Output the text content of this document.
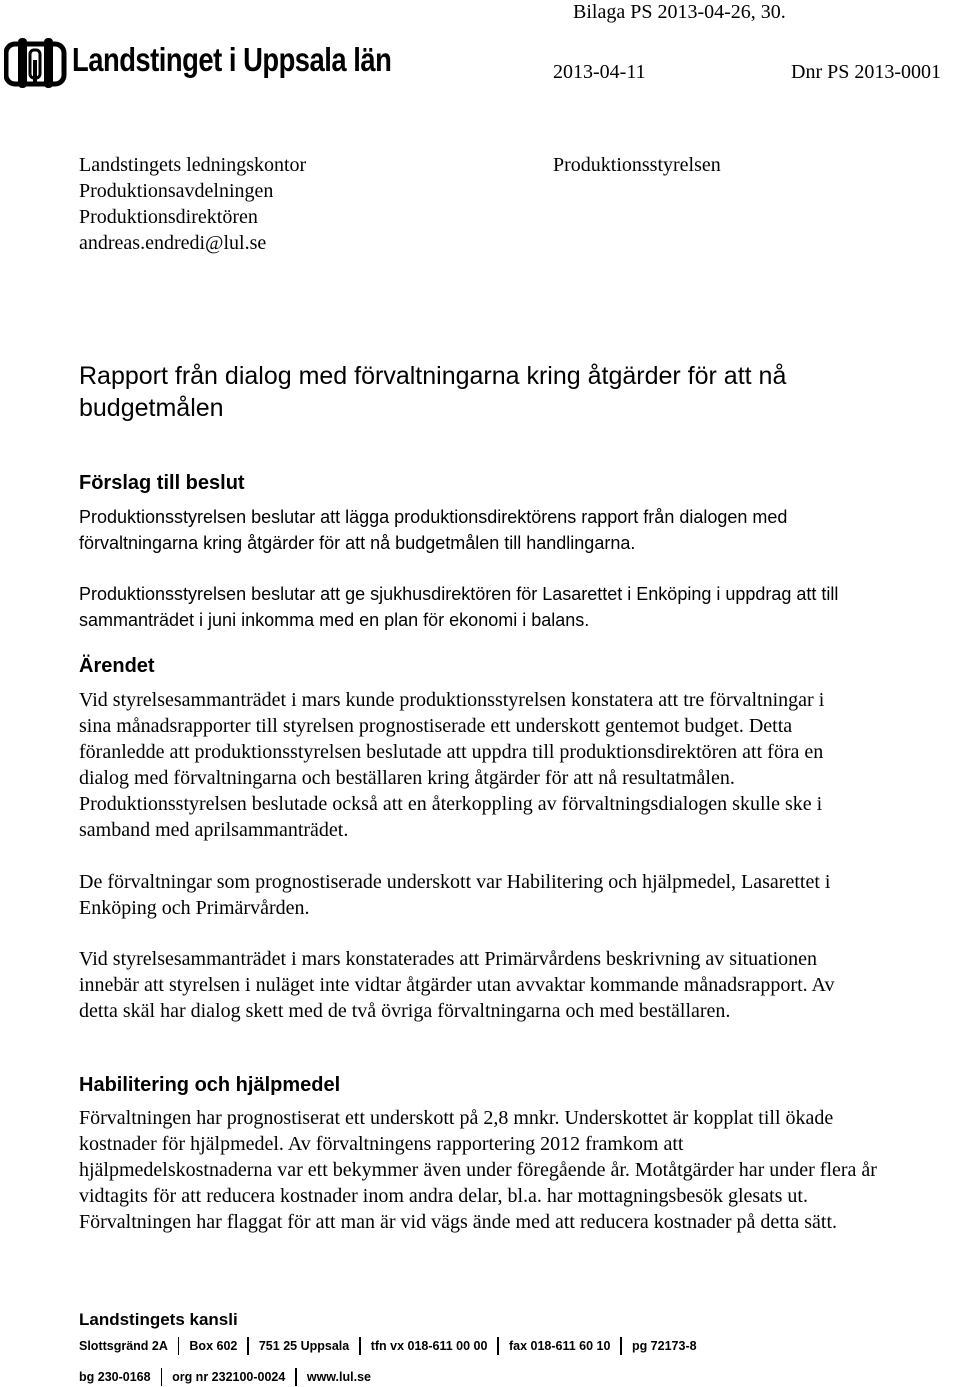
Bilaga PS 2013-04-26, 30.
Landstinget i Uppsala län	2013-04-11	Dnr PS 2013-0001
Landstingets ledningskontor
Produktionsavdelningen
Produktionsdirektören
andreas.endredi@lul.se
Produktionsstyrelsen
Rapport från dialog med förvaltningarna kring åtgärder för att nå budgetmålen
Förslag till beslut
Produktionsstyrelsen beslutar att lägga produktionsdirektörens rapport från dialogen med förvaltningarna kring åtgärder för att nå budgetmålen till handlingarna.
Produktionsstyrelsen beslutar att ge sjukhusdirektören för Lasarettet i Enköping i uppdrag att till sammanträdet i juni inkomma med en plan för ekonomi i balans.
Ärendet
Vid styrelsesammanträdet i mars kunde produktionsstyrelsen konstatera att tre förvaltningar i sina månadsrapporter till styrelsen prognostiserade ett underskott gentemot budget. Detta föranledde att produktionsstyrelsen beslutade att uppdra till produktionsdirektören att föra en dialog med förvaltningarna och beställaren kring åtgärder för att nå resultatmålen. Produktionsstyrelsen beslutade också att en återkoppling av förvaltningsdialogen skulle ske i samband med aprilsammanträdet.
De förvaltningar som prognostiserade underskott var Habilitering och hjälpmedel, Lasarettet i Enköping och Primärvården.
Vid styrelsesammanträdet i mars konstaterades att Primärvårdens beskrivning av situationen innebär att styrelsen i nuläget inte vidtar åtgärder utan avvaktar kommande månadsrapport. Av detta skäl har dialog skett med de två övriga förvaltningarna och med beställaren.
Habilitering och hjälpmedel
Förvaltningen har prognostiserat ett underskott på 2,8 mnkr. Underskottet är kopplat till ökade kostnader för hjälpmedel. Av förvaltningens rapportering 2012 framkom att hjälpmedelskostnaderna var ett bekymmer även under föregående år. Motåtgärder har under flera år vidtagits för att reducera kostnader inom andra delar, bl.a. har mottagningsbesök glesats ut. Förvaltningen har flaggat för att man är vid vägs ände med att reducera kostnader på detta sätt.
Landstingets kansli
Slottsgränd 2A Box 602 751 25 Uppsala tfn vx 018-611 00 00 fax 018-611 60 10 pg 72173-8
bg 230-0168 org nr 232100-0024 www.lul.se
